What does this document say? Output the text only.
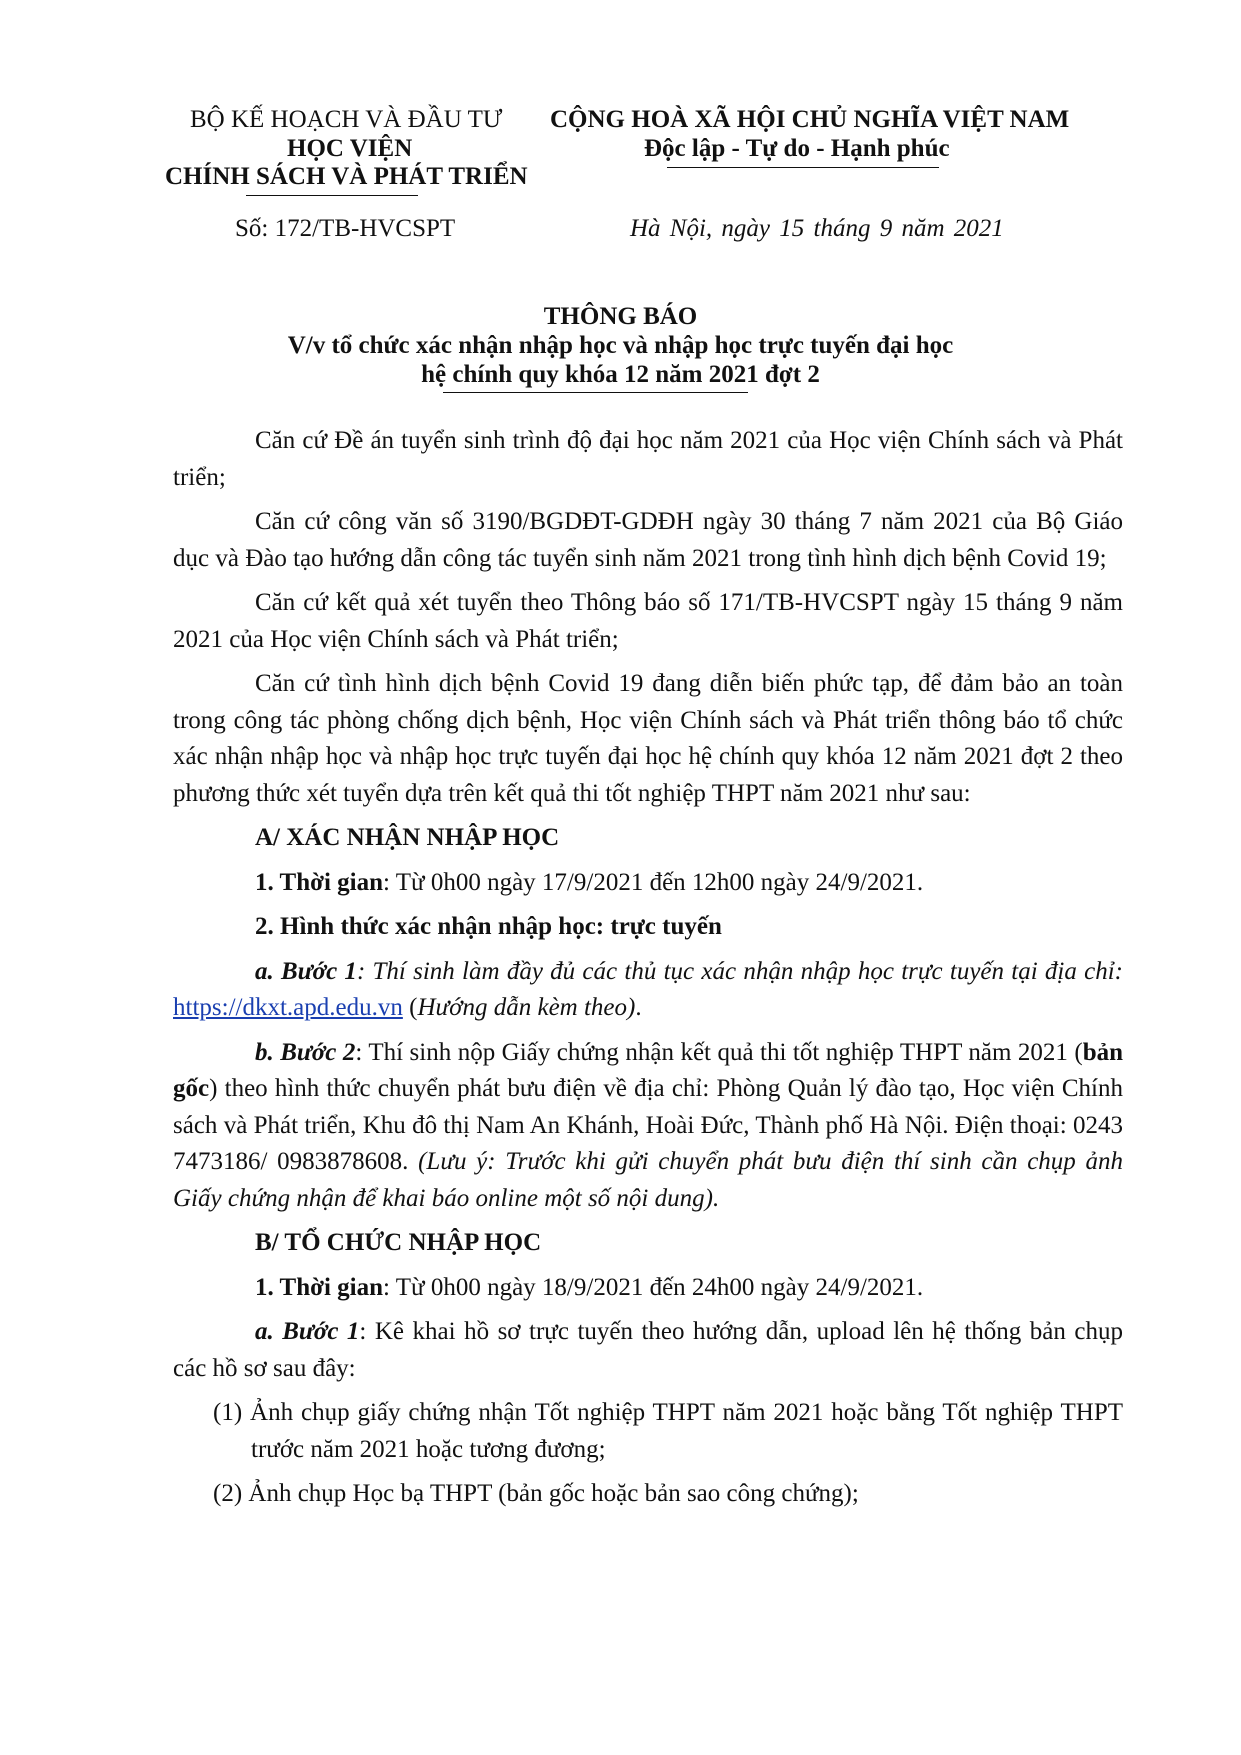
BỘ KẾ HOẠCH VÀ ĐẦU TƯ
HỌC VIỆN
CHÍNH SÁCH VÀ PHÁT TRIỂN
Số: 172/TB-HVCSPT
CỘNG HOÀ XÃ HỘI CHỦ NGHĨA VIỆT NAM
Độc lập - Tự do - Hạnh phúc
Hà Nội, ngày 15 tháng 9 năm 2021
THÔNG BÁO
V/v tổ chức xác nhận nhập học và nhập học trực tuyến đại học
hệ chính quy khóa 12 năm 2021 đợt 2

Căn cứ Đề án tuyển sinh trình độ đại học năm 2021 của Học viện Chính sách và Phát triển;

Căn cứ công văn số 3190/BGDĐT-GDĐH ngày 30 tháng 7 năm 2021 của Bộ Giáo dục và Đào tạo hướng dẫn công tác tuyển sinh năm 2021 trong tình hình dịch bệnh Covid 19;

Căn cứ kết quả xét tuyển theo Thông báo số 171/TB-HVCSPT ngày 15 tháng 9 năm 2021 của Học viện Chính sách và Phát triển;

Căn cứ tình hình dịch bệnh Covid 19 đang diễn biến phức tạp, để đảm bảo an toàn trong công tác phòng chống dịch bệnh, Học viện Chính sách và Phát triển thông báo tổ chức xác nhận nhập học và nhập học trực tuyến đại học hệ chính quy khóa 12 năm 2021 đợt 2 theo phương thức xét tuyển dựa trên kết quả thi tốt nghiệp THPT năm 2021 như sau:

A/ XÁC NHẬN NHẬP HỌC

1. Thời gian: Từ 0h00 ngày 17/9/2021 đến 12h00 ngày 24/9/2021.

2. Hình thức xác nhận nhập học: trực tuyến

a. Bước 1: Thí sinh làm đầy đủ các thủ tục xác nhận nhập học trực tuyến tại địa chỉ: https://dkxt.apd.edu.vn (Hướng dẫn kèm theo).

b. Bước 2: Thí sinh nộp Giấy chứng nhận kết quả thi tốt nghiệp THPT năm 2021 (bản gốc) theo hình thức chuyển phát bưu điện về địa chỉ: Phòng Quản lý đào tạo, Học viện Chính sách và Phát triển, Khu đô thị Nam An Khánh, Hoài Đức, Thành phố Hà Nội. Điện thoại: 0243 7473186/ 0983878608. (Lưu ý: Trước khi gửi chuyển phát bưu điện thí sinh cần chụp ảnh Giấy chứng nhận để khai báo online một số nội dung).

B/ TỔ CHỨC NHẬP HỌC

1. Thời gian: Từ 0h00 ngày 18/9/2021 đến 24h00 ngày 24/9/2021.

a. Bước 1: Kê khai hồ sơ trực tuyến theo hướng dẫn, upload lên hệ thống bản chụp các hồ sơ sau đây:

(1) Ảnh chụp giấy chứng nhận Tốt nghiệp THPT năm 2021 hoặc bằng Tốt nghiệp THPT trước năm 2021 hoặc tương đương;

(2) Ảnh chụp Học bạ THPT (bản gốc hoặc bản sao công chứng);
